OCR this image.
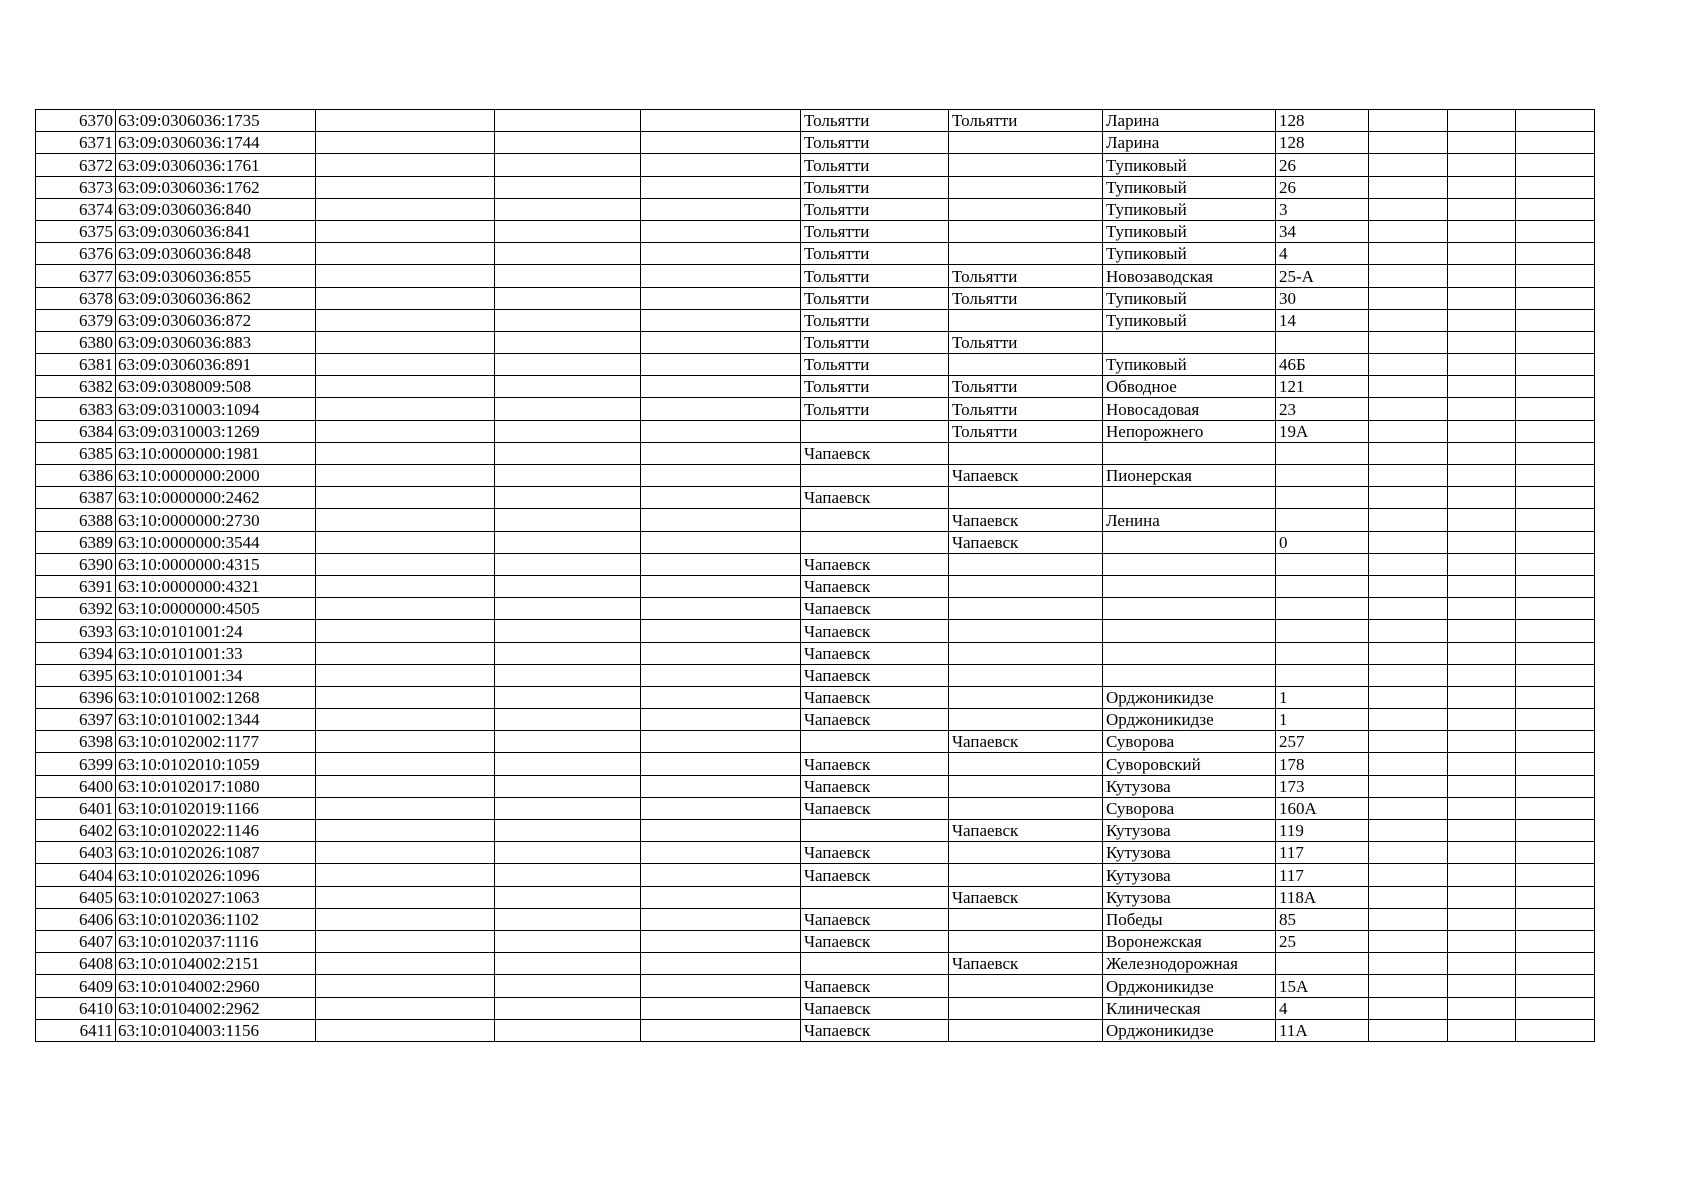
6370	63:09:0306036:1735				Тольятти	Тольятти	Ларина	128			
6371	63:09:0306036:1744				Тольятти		Ларина	128			
6372	63:09:0306036:1761				Тольятти		Тупиковый	26			
6373	63:09:0306036:1762				Тольятти		Тупиковый	26			
6374	63:09:0306036:840				Тольятти		Тупиковый	3			
6375	63:09:0306036:841				Тольятти		Тупиковый	34			
6376	63:09:0306036:848				Тольятти		Тупиковый	4			
6377	63:09:0306036:855				Тольятти	Тольятти	Новозаводская	25-А			
6378	63:09:0306036:862				Тольятти	Тольятти	Тупиковый	30			
6379	63:09:0306036:872				Тольятти		Тупиковый	14			
6380	63:09:0306036:883				Тольятти	Тольятти					
6381	63:09:0306036:891				Тольятти		Тупиковый	46Б			
6382	63:09:0308009:508				Тольятти	Тольятти	Обводное	121			
6383	63:09:0310003:1094				Тольятти	Тольятти	Новосадовая	23			
6384	63:09:0310003:1269					Тольятти	Непорожнего	19А			
6385	63:10:0000000:1981				Чапаевск						
6386	63:10:0000000:2000					Чапаевск	Пионерская				
6387	63:10:0000000:2462				Чапаевск						
6388	63:10:0000000:2730					Чапаевск	Ленина				
6389	63:10:0000000:3544					Чапаевск		0			
6390	63:10:0000000:4315				Чапаевск						
6391	63:10:0000000:4321				Чапаевск						
6392	63:10:0000000:4505				Чапаевск						
6393	63:10:0101001:24				Чапаевск						
6394	63:10:0101001:33				Чапаевск						
6395	63:10:0101001:34				Чапаевск						
6396	63:10:0101002:1268				Чапаевск		Орджоникидзе	1			
6397	63:10:0101002:1344				Чапаевск		Орджоникидзе	1			
6398	63:10:0102002:1177					Чапаевск	Суворова	257			
6399	63:10:0102010:1059				Чапаевск		Суворовский	178			
6400	63:10:0102017:1080				Чапаевск		Кутузова	173			
6401	63:10:0102019:1166				Чапаевск		Суворова	160А			
6402	63:10:0102022:1146					Чапаевск	Кутузова	119			
6403	63:10:0102026:1087				Чапаевск		Кутузова	117			
6404	63:10:0102026:1096				Чапаевск		Кутузова	117			
6405	63:10:0102027:1063					Чапаевск	Кутузова	118А			
6406	63:10:0102036:1102				Чапаевск		Победы	85			
6407	63:10:0102037:1116				Чапаевск		Воронежская	25			
6408	63:10:0104002:2151					Чапаевск	Железнодорожная				
6409	63:10:0104002:2960				Чапаевск		Орджоникидзе	15А			
6410	63:10:0104002:2962				Чапаевск		Клиническая	4			
6411	63:10:0104003:1156				Чапаевск		Орджоникидзе	11А			
